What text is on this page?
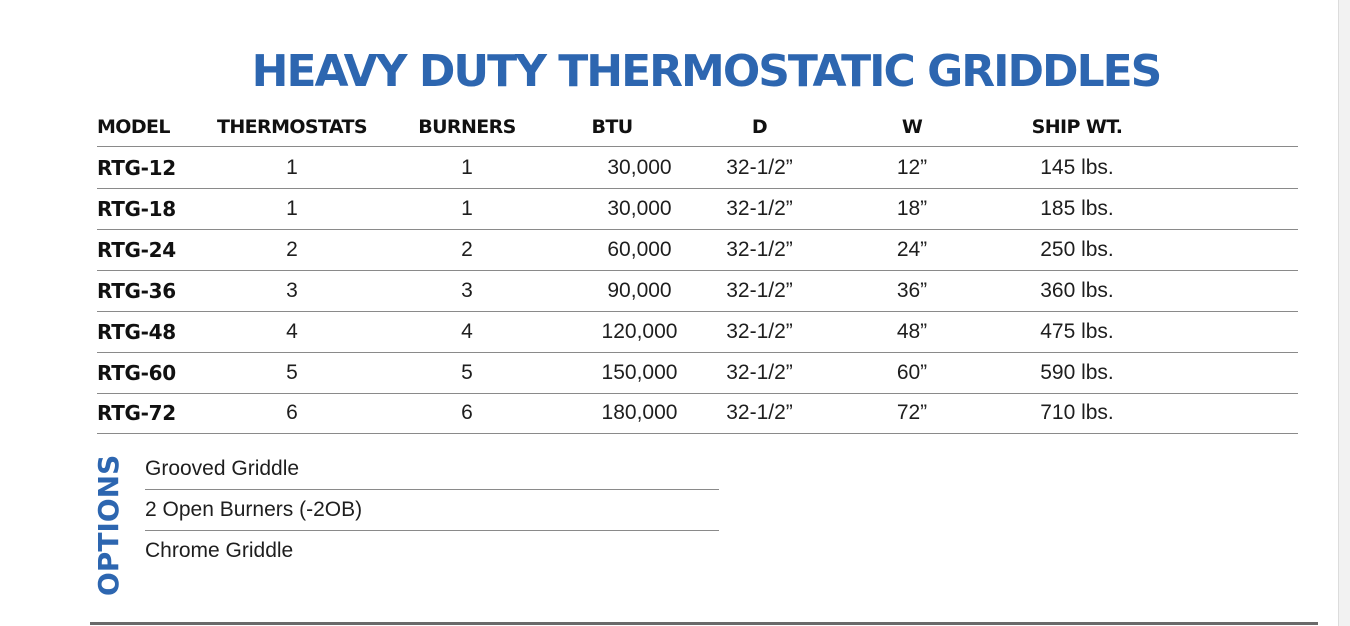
HEAVY DUTY THERMOSTATIC GRIDDLES
MODEL THERMOSTATS	BURNERS	BTU	D	W	SHIP WT.
RTG-12	1	1	30,000	32-1/2”	12”	145 lbs.
RTG-18	1	1	30,000	32-1/2”	18”	185 lbs.
RTG-24	2	2	60,000	32-1/2”	24”	250 lbs.
RTG-36	3	3	90,000	32-1/2”	36”	360 lbs.
RTG-48	4	4	120,000	32-1/2”	48”	475 lbs.
RTG-60	5	5	150,000	32-1/2”	60”	590 lbs.
RTG-72	6	6	180,000	32-1/2”	72”	710 lbs.
OPTIONS Grooved Griddle
2 Open Burners (-2OB)
Chrome Griddle
